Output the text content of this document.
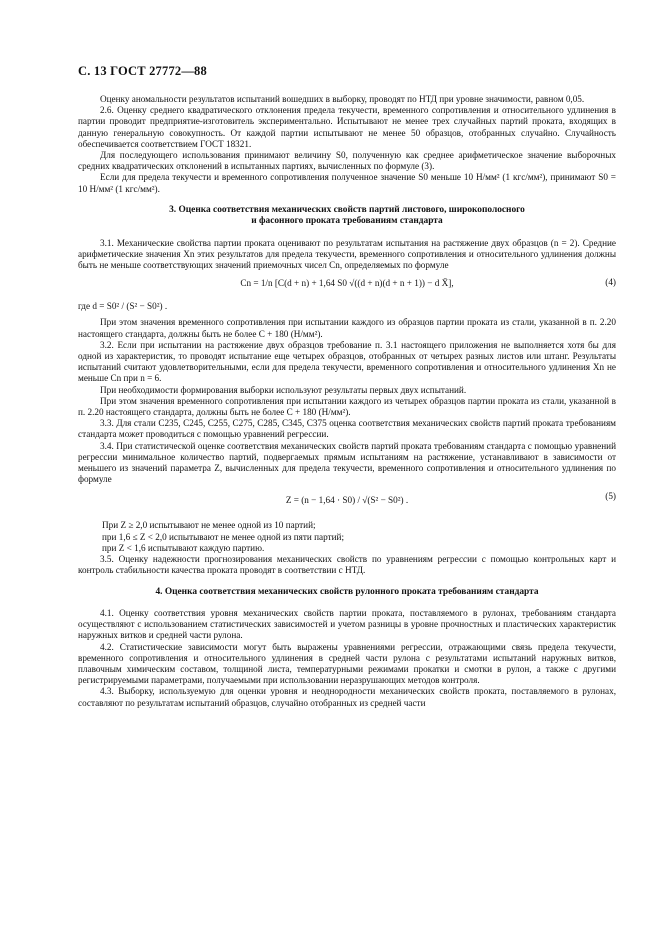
С. 13 ГОСТ 27772—88

Оценку аномальности результатов испытаний вошедших в выборку, проводят по НТД при уровне значимости, равном 0,05.

2.6. Оценку среднего квадратического отклонения предела текучести, временного сопротивления и относительного удлинения в партии проводит предприятие-изготовитель экспериментально. Испытывают не менее трех случайных партий проката, входящих в данную генеральную совокупность. От каждой партии испытывают не менее 50 образцов, отобранных случайно. Случайность обеспечивается соответствием ГОСТ 18321.

Для последующего использования принимают величину S0, полученную как среднее арифметическое значение выборочных средних квадратических отклонений в испытанных партиях, вычисленных по формуле (3).

Если для предела текучести и временного сопротивления полученное значение S0 меньше 10 Н/мм² (1 кгс/мм²), принимают S0 = 10 Н/мм² (1 кгс/мм²).

3. Оценка соответствия механических свойств партий листового, широкополосного
и фасонного проката требованиям стандарта

3.1. Механические свойства партии проката оценивают по результатам испытания на растяжение двух образцов (n = 2). Средние арифметические значения Xn этих результатов для предела текучести, временного сопротивления и относительного удлинения должны быть не меньше соответствующих значений приемочных чисел Cn, определяемых по формуле

Cn = 1/n [C(d + n) + 1,64 S0 √((d + n)(d + n + 1)) − d X̄],	(4)
где
d = S0² / (S² − S0²) .

При этом значения временного сопротивления при испытании каждого из образцов партии проката из стали, указанной в п. 2.20 настоящего стандарта, должны быть не более C + 180 (Н/мм²).

3.2. Если при испытании на растяжение двух образцов требование п. 3.1 настоящего приложения не выполняется хотя бы для одной из характеристик, то проводят испытание еще четырех образцов, отобранных от четырех разных листов или штанг. Результаты испытаний считают удовлетворительными, если для предела текучести, временного сопротивления и относительного удлинения Xn не меньше Cn при n = 6.

При необходимости формирования выборки используют результаты первых двух испытаний.

При этом значения временного сопротивления при испытании каждого из четырех образцов партии проката из стали, указанной в п. 2.20 настоящего стандарта, должны быть не более C + 180 (Н/мм²).

3.3. Для стали С235, С245, С255, С275, С285, С345, С375 оценка соответствия механических свойств партий проката требованиям стандарта может проводиться с помощью уравнений регрессии.

3.4. При статистической оценке соответствия механических свойств партий проката требованиям стандарта с помощью уравнений регрессии минимальное количество партий, подвергаемых прямым испытаниям на растяжение, устанавливают в зависимости от меньшего из значений параметра Z, вычисленных для предела текучести, временного сопротивления и относительного удлинения по формуле

Z = (n − 1,64 · S0) / √(S² − S0²) .	(5)

При Z ≥ 2,0 испытывают не менее одной из 10 партий;

при 1,6 ≤ Z < 2,0 испытывают не менее одной из пяти партий;

при Z < 1,6 испытывают каждую партию.

3.5. Оценку надежности прогнозирования механических свойств по уравнениям регрессии с помощью контрольных карт и контроль стабильности качества проката проводят в соответствии с НТД.

4. Оценка соответствия механических свойств рулонного проката требованиям стандарта

4.1. Оценку соответствия уровня механических свойств партии проката, поставляемого в рулонах, требованиям стандарта осуществляют с использованием статистических зависимостей и учетом разницы в уровне прочностных и пластических характеристик наружных витков и средней части рулона.

4.2. Статистические зависимости могут быть выражены уравнениями регрессии, отражающими связь предела текучести, временного сопротивления и относительного удлинения в средней части рулона с результатами испытаний наружных витков, плавочным химическим составом, толщиной листа, температурными режимами прокатки и смотки в рулон, а также с другими регистрируемыми параметрами, получаемыми при использовании неразрушающих методов контроля.

4.3. Выборку, используемую для оценки уровня и неоднородности механических свойств проката, поставляемого в рулонах, составляют по результатам испытаний образцов, случайно отобранных из средней части
